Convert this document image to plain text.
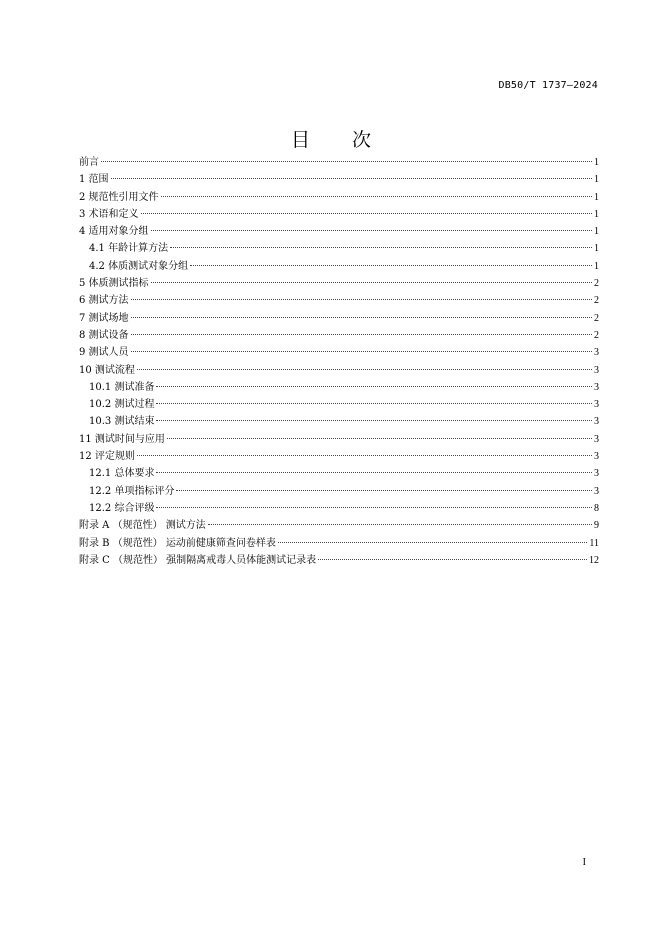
DB50/T 1737—2024
目 次
前言	1
1 范围	1
2 规范性引用文件	1
3 术语和定义	1
4 适用对象分组	1
4.1 年龄计算方法	1
4.2 体质测试对象分组	1
5 体质测试指标	2
6 测试方法	2
7 测试场地	2
8 测试设备	2
9 测试人员	3
10 测试流程	3
10.1 测试准备	3
10.2 测试过程	3
10.3 测试结束	3
11 测试时间与应用	3
12 评定规则	3
12.1 总体要求	3
12.2 单项指标评分	3
12.2 综合评级	8
附录 A （规范性） 测试方法	9
附录 B （规范性） 运动前健康筛查问卷样表	11
附录 C （规范性） 强制隔离戒毒人员体能测试记录表	12
I
